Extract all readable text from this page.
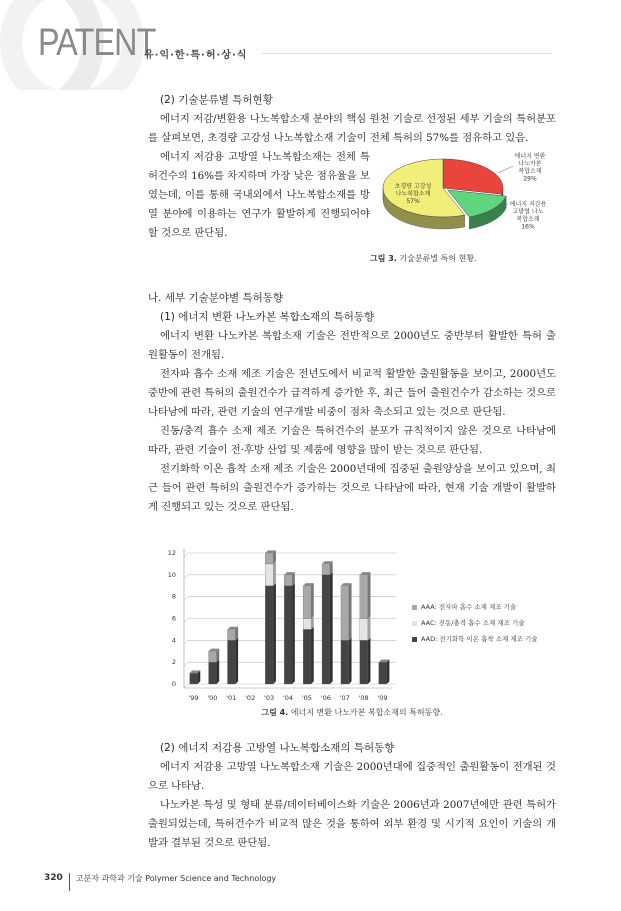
PATENT
유·익·한·특·허·상·식

(2) 기술분류별 특허현황

에너지 저감/변환용 나노복합소재 분야의 핵심 원천 기술로 선정된 세부 기술의 특허분포를 살펴보면, 초경량 고강성 나노복합소재 기술이 전체 특허의 57%를 점유하고 있음.

에너지 저감용 고방열 나노복합소재는 전체 특허건수의 16%를 차지하며 가장 낮은 점유율을 보였는데, 이를 통해 국내외에서 나노복합소재를 방열 분야에 이용하는 연구가 활발하게 진행되어야 할 것으로 판단됨.

에너지 변환 나노카본 복합소재 29%
에너지 저감용 고방열 나노 복합소재 16%
초경량 고강성 나노복합소재 57%
그림 3. 기술분류별 특허 현황.

나. 세부 기술분야별 특허동향

(1) 에너지 변환 나노카본 복합소재의 특허동향

에너지 변환 나노카본 복합소재 기술은 전반적으로 2000년도 중반부터 활발한 특허 출원활동이 전개됨.

전자파 흡수 소재 제조 기술은 전년도에서 비교적 활발한 출원활동을 보이고, 2000년도 중반에 관련 특허의 출원건수가 급격하게 증가한 후, 최근 들어 출원건수가 감소하는 것으로 나타남에 따라, 관련 기술의 연구개발 비중이 점차 축소되고 있는 것으로 판단됨.

진동/충격 흡수 소재 제조 기술은 특허건수의 분포가 규칙적이지 않은 것으로 나타남에 따라, 관련 기술이 전·후방 산업 및 제품에 영향을 많이 받는 것으로 판단됨.

전기화학 이온 흡착 소재 제조 기술은 2000년대에 집중된 출원양상을 보이고 있으며, 최근 들어 관련 특허의 출원건수가 증가하는 것으로 나타남에 따라, 현재 기술 개발이 활발하게 진행되고 있는 것으로 판단됨.

0
2
4
6
8
10
12
'99 '00 '01 '02 '03 '04 '05 '06 '07 '08 '09
AAA: 전자파 흡수 소재 제조 기술
AAC: 진동/충격 흡수 소재 제조 기술
AAD: 전기화학 이온 흡착 소재 제조 기술
그림 4. 에너지 변환 나노카본 복합소재의 특허동향.

(2) 에너지 저감용 고방열 나노복합소재의 특허동향

에너지 저감용 고방열 나노복합소재 기술은 2000년대에 집중적인 출원활동이 전개된 것으로 나타남.

나노카본 특성 및 형태 분류/데이터베이스화 기술은 2006년과 2007년에만 관련 특허가 출원되었는데, 특허건수가 비교적 많은 것을 통하여 외부 환경 및 시기적 요인이 기술의 개발과 결부된 것으로 판단됨.

320 고분자 과학과 기술 Polymer Science and Technology
